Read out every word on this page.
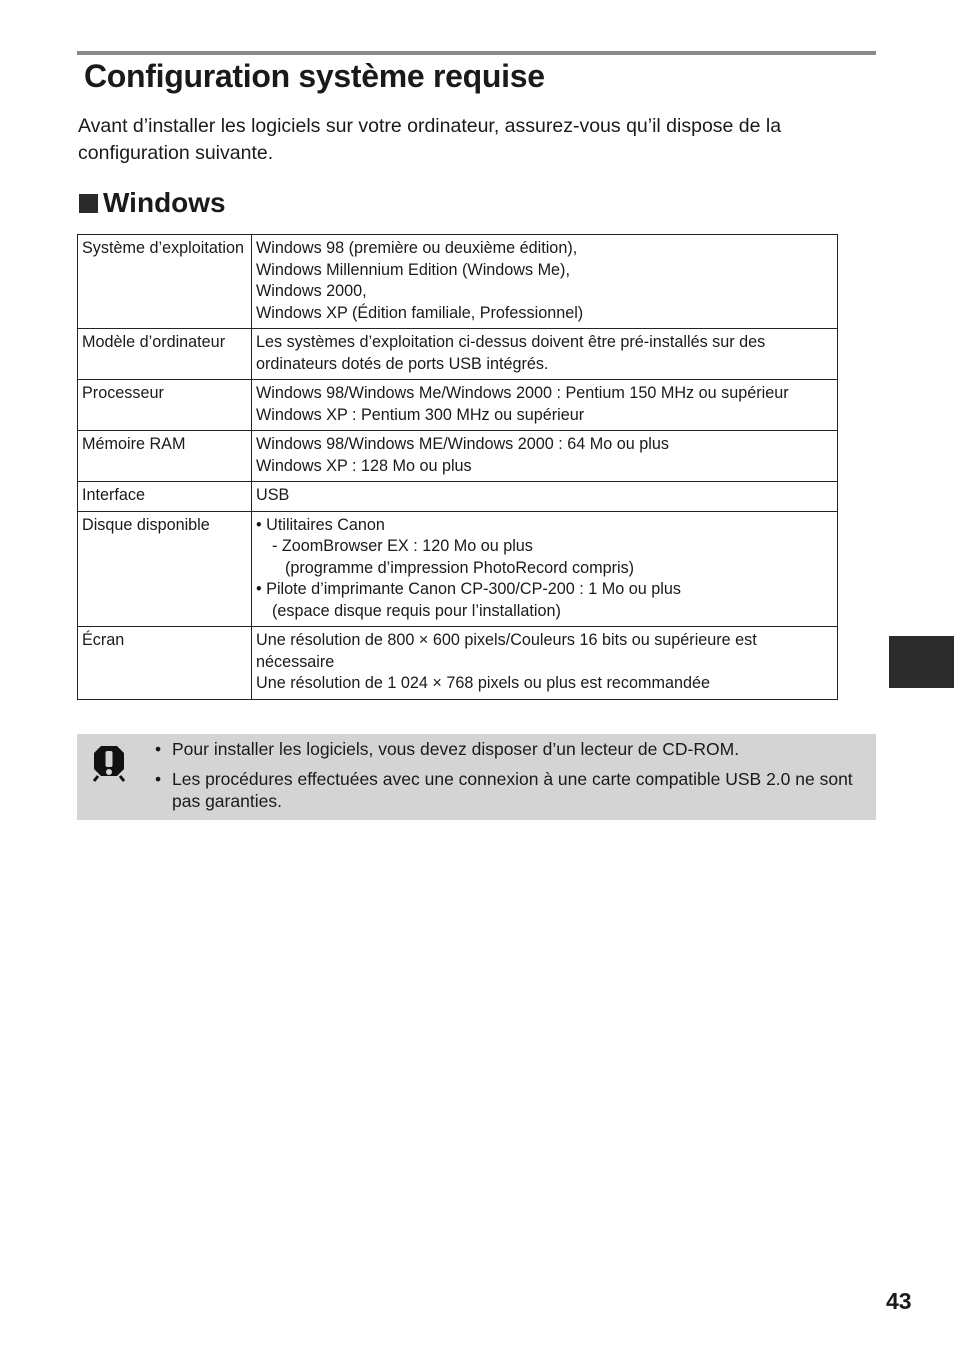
Configuration système requise

Avant d’installer les logiciels sur votre ordinateur, assurez-vous qu’il dispose de la configuration suivante.

Windows
Système d’exploitation	Windows 98 (première ou deuxième édition),
Windows Millennium Edition (Windows Me),
Windows 2000,
Windows XP (Édition familiale, Professionnel)

Modèle d’ordinateur	Les systèmes d’exploitation ci-dessus doivent être pré-installés sur des ordinateurs dotés de ports USB intégrés.

Processeur	Windows 98/Windows Me/Windows 2000 : Pentium 150 MHz ou supérieur
Windows XP : Pentium 300 MHz ou supérieur

Mémoire RAM	Windows 98/Windows ME/Windows 2000 : 64 Mo ou plus
Windows XP : 128 Mo ou plus

Interface	USB

Disque disponible	• Utilitaires Canon
- ZoomBrowser EX : 120 Mo ou plus
(programme d’impression PhotoRecord compris)
• Pilote d’imprimante Canon CP-300/CP-200 : 1 Mo ou plus
(espace disque requis pour l’installation)

Écran	Une résolution de 800 × 600 pixels/Couleurs 16 bits ou supérieure est nécessaire
Une résolution de 1 024 × 768 pixels ou plus est recommandée
• Pour installer les logiciels, vous devez disposer d’un lecteur de CD-ROM.
• Les procédures effectuées avec une connexion à une carte compatible USB 2.0 ne sont pas garanties.
43
